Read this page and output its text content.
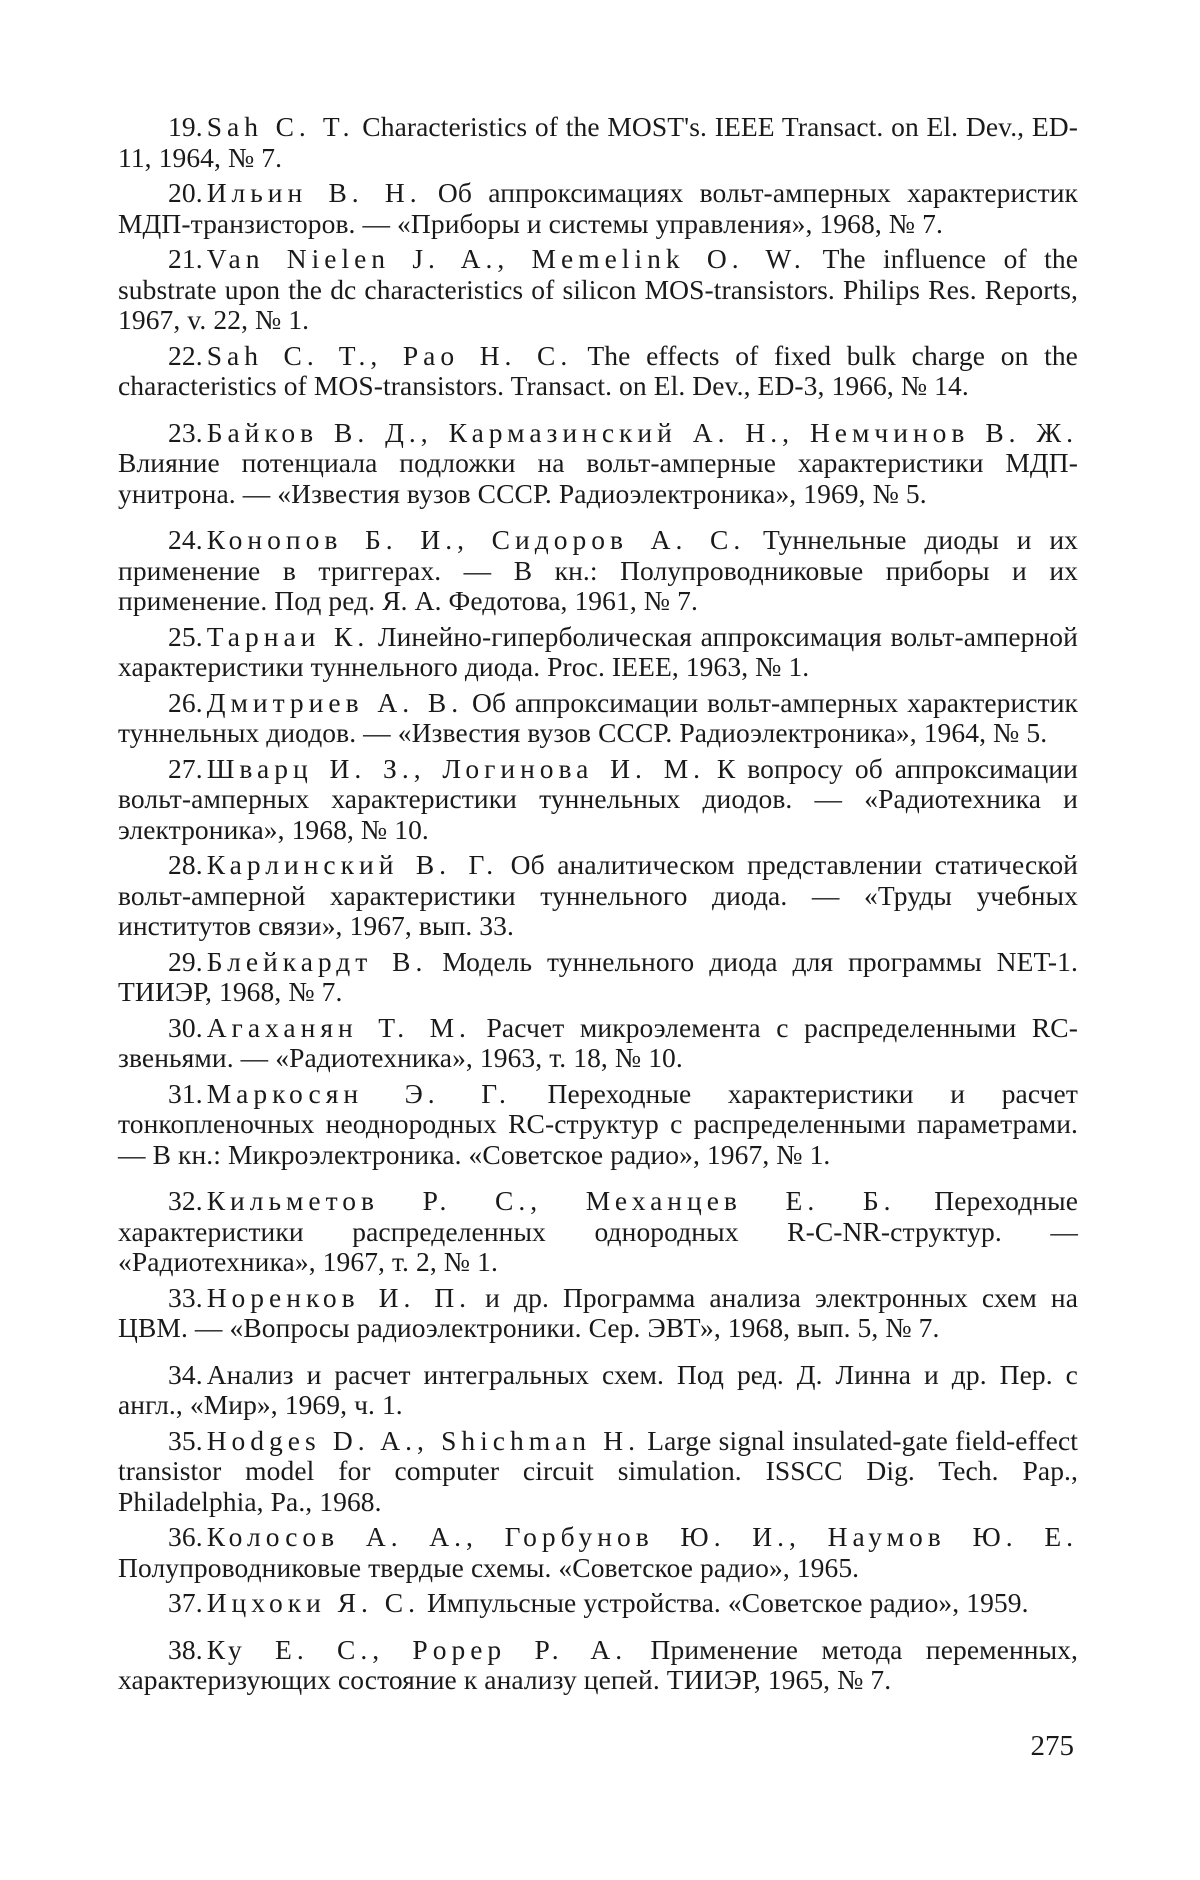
19. Sah C. T. Characteristics of the MOST's. IEEE Transact. on El. Dev., ED-11, 1964, № 7.

20. Ильин В. Н. Об аппроксимациях вольт-амперных характеристик МДП-транзисторов. — «Приборы и системы управления», 1968, № 7.

21. Van Nielen J. A., Memelink O. W. The influence of the substrate upon the dc characteristics of silicon MOS-transistors. Philips Res. Reports, 1967, v. 22, № 1.

22. Sah C. T., Pao H. C. The effects of fixed bulk charge on the characteristics of MOS-transistors. Transact. on El. Dev., ED-3, 1966, № 14.

23. Байков В. Д., Кармазинский А. Н., Немчинов В. Ж. Влияние потенциала подложки на вольт-амперные характеристики МДП-унитрона. — «Известия вузов СССР. Радиоэлектроника», 1969, № 5.

24. Конопов Б. И., Сидоров А. С. Туннельные диоды и их применение в триггерах. — В кн.: Полупроводниковые приборы и их применение. Под ред. Я. А. Федотова, 1961, № 7.

25. Тарнаи К. Линейно-гиперболическая аппроксимация вольт-амперной характеристики туннельного диода. Proc. IEEE, 1963, № 1.

26. Дмитриев А. В. Об аппроксимации вольт-амперных характеристик туннельных диодов. — «Известия вузов СССР. Радиоэлектроника», 1964, № 5.

27. Шварц И. З., Логинова И. М. К вопросу об аппроксимации вольт-амперных характеристики туннельных диодов. — «Радиотехника и электроника», 1968, № 10.

28. Карлинский В. Г. Об аналитическом представлении статической вольт-амперной характеристики туннельного диода. — «Труды учебных институтов связи», 1967, вып. 33.

29. Блейкардт В. Модель туннельного диода для программы NET-1. ТИИЭР, 1968, № 7.

30. Агаханян Т. М. Расчет микроэлемента с распределенными RC-звеньями. — «Радиотехника», 1963, т. 18, № 10.

31. Маркосян Э. Г. Переходные характеристики и расчет тонкопленочных неоднородных RC-структур с распределенными параметрами. — В кн.: Микроэлектроника. «Советское радио», 1967, № 1.

32. Кильметов Р. С., Механцев Е. Б. Переходные характеристики распределенных однородных R-C-NR-структур. — «Радиотехника», 1967, т. 2, № 1.

33. Норенков И. П. и др. Программа анализа электронных схем на ЦВМ. — «Вопросы радиоэлектроники. Сер. ЭВТ», 1968, вып. 5, № 7.

34. Анализ и расчет интегральных схем. Под ред. Д. Линна и др. Пер. с англ., «Мир», 1969, ч. 1.

35. Hodges D. A., Shichman H. Large signal insulated-gate field-effect transistor model for computer circuit simulation. ISSCC Dig. Tech. Pap., Philadelphia, Pa., 1968.

36. Колосов А. А., Горбунов Ю. И., Наумов Ю. Е. Полупроводниковые твердые схемы. «Советское радио», 1965.

37. Ицхоки Я. С. Импульсные устройства. «Советское радио», 1959.

38. Ку Е. С., Popep P. A. Применение метода переменных, характеризующих состояние к анализу цепей. ТИИЭР, 1965, № 7.

275
